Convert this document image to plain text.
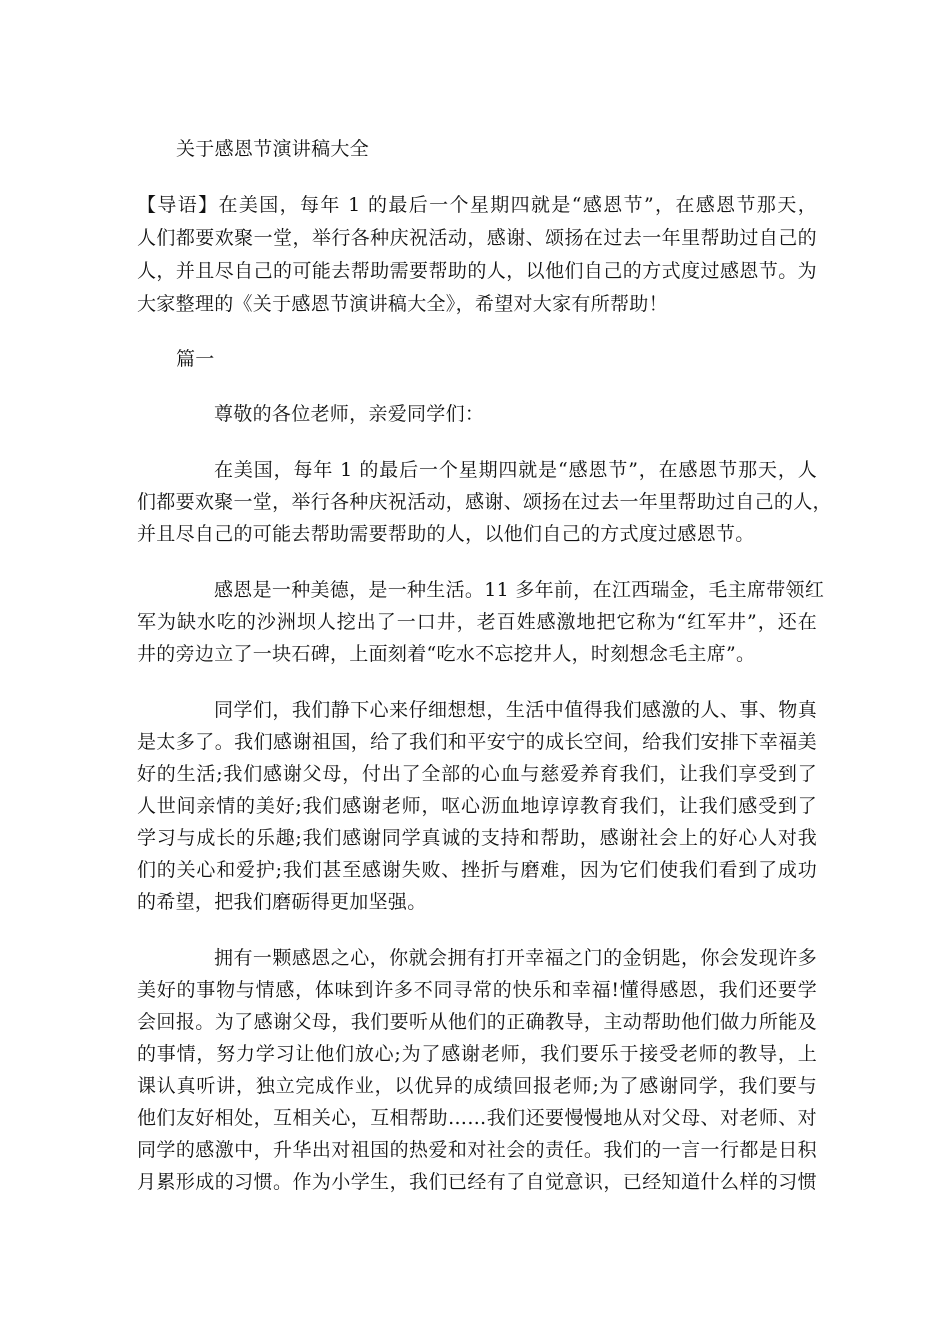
关于感恩节演讲稿大全
【导语】在美国，每年 1 的最后一个星期四就是“感恩节”，在感恩节那天，
人们都要欢聚一堂，举行各种庆祝活动，感谢、颂扬在过去一年里帮助过自己的
人，并且尽自己的可能去帮助需要帮助的人，以他们自己的方式度过感恩节。为
大家整理的《关于感恩节演讲稿大全》，希望对大家有所帮助！
篇一
尊敬的各位老师，亲爱同学们：
在美国，每年 1 的最后一个星期四就是“感恩节”，在感恩节那天，人
们都要欢聚一堂，举行各种庆祝活动，感谢、颂扬在过去一年里帮助过自己的人，
并且尽自己的可能去帮助需要帮助的人，以他们自己的方式度过感恩节。
感恩是一种美德，是一种生活。11 多年前，在江西瑞金，毛主席带领红
军为缺水吃的沙洲坝人挖出了一口井，老百姓感激地把它称为“红军井”，还在
井的旁边立了一块石碑，上面刻着“吃水不忘挖井人，时刻想念毛主席”。
同学们，我们静下心来仔细想想，生活中值得我们感激的人、事、物真
是太多了。我们感谢祖国，给了我们和平安宁的成长空间，给我们安排下幸福美
好的生活;我们感谢父母，付出了全部的心血与慈爱养育我们，让我们享受到了
人世间亲情的美好;我们感谢老师，呕心沥血地谆谆教育我们，让我们感受到了
学习与成长的乐趣;我们感谢同学真诚的支持和帮助，感谢社会上的好心人对我
们的关心和爱护;我们甚至感谢失败、挫折与磨难，因为它们使我们看到了成功
的希望，把我们磨砺得更加坚强。
拥有一颗感恩之心，你就会拥有打开幸福之门的金钥匙，你会发现许多
美好的事物与情感，体味到许多不同寻常的快乐和幸福!懂得感恩，我们还要学
会回报。为了感谢父母，我们要听从他们的正确教导，主动帮助他们做力所能及
的事情，努力学习让他们放心;为了感谢老师，我们要乐于接受老师的教导，上
课认真听讲，独立完成作业，以优异的成绩回报老师;为了感谢同学，我们要与
他们友好相处，互相关心，互相帮助……我们还要慢慢地从对父母、对老师、对
同学的感激中，升华出对祖国的热爱和对社会的责任。我们的一言一行都是日积
月累形成的习惯。作为小学生，我们已经有了自觉意识，已经知道什么样的习惯
